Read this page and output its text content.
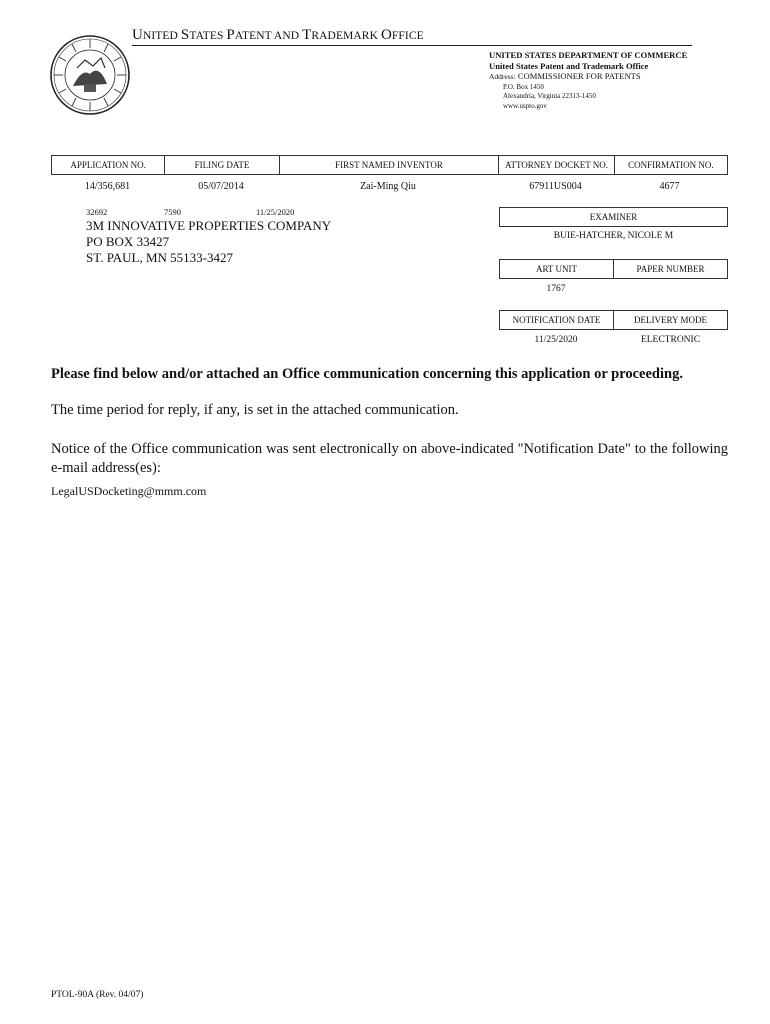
UNITED STATES PATENT AND TRADEMARK OFFICE
UNITED STATES DEPARTMENT OF COMMERCE
United States Patent and Trademark Office
Address: COMMISSIONER FOR PATENTS
P.O. Box 1450
Alexandria, Virginia 22313-1450
www.uspto.gov
APPLICATION NO.	FILING DATE	FIRST NAMED INVENTOR	ATTORNEY DOCKET NO.	CONFIRMATION NO.
14/356,681	05/07/2014	Zai-Ming Qiu	67911US004	4677
32692	7590	11/25/2020
3M INNOVATIVE PROPERTIES COMPANY
PO BOX 33427
ST. PAUL, MN 55133-3427
EXAMINER
BUIE-HATCHER, NICOLE M
ART UNIT	PAPER NUMBER
1767
NOTIFICATION DATE	DELIVERY MODE
11/25/2020	ELECTRONIC
Please find below and/or attached an Office communication concerning this application or proceeding.
The time period for reply, if any, is set in the attached communication.
Notice of the Office communication was sent electronically on above-indicated "Notification Date" to the following e-mail address(es):
LegalUSDocketing@mmm.com
PTOL-90A (Rev. 04/07)
